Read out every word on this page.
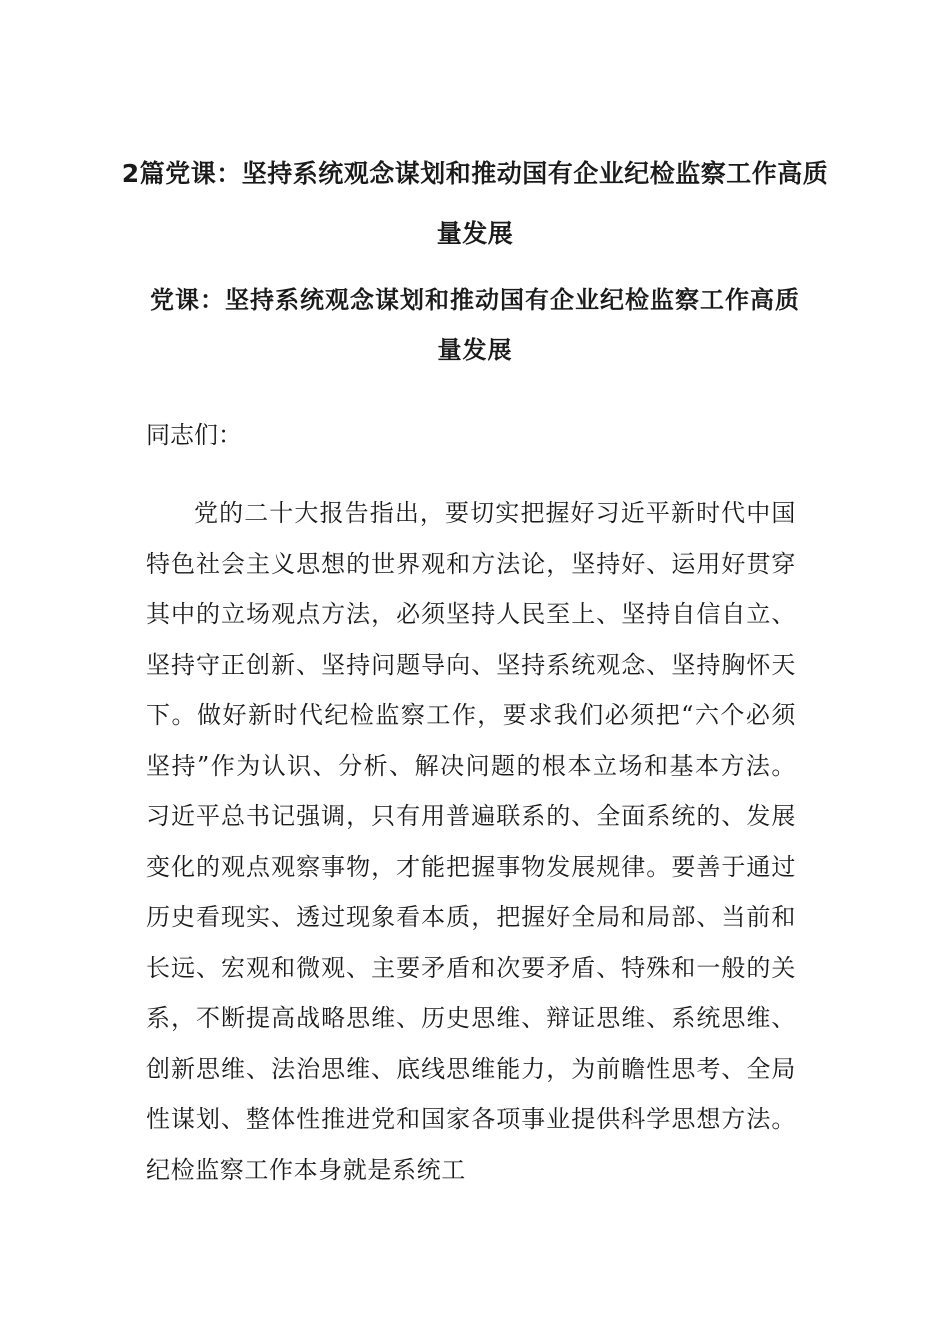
2篇党课：坚持系统观念谋划和推动国有企业纪检监察工作高质量发展
党课：坚持系统观念谋划和推动国有企业纪检监察工作高质量发展

同志们：

党的二十大报告指出，要切实把握好习近平新时代中国特色社会主义思想的世界观和方法论，坚持好、运用好贯穿其中的立场观点方法，必须坚持人民至上、坚持自信自立、坚持守正创新、坚持问题导向、坚持系统观念、坚持胸怀天下。做好新时代纪检监察工作，要求我们必须把“六个必须坚持”作为认识、分析、解决问题的根本立场和基本方法。习近平总书记强调，只有用普遍联系的、全面系统的、发展变化的观点观察事物，才能把握事物发展规律。要善于通过历史看现实、透过现象看本质，把握好全局和局部、当前和长远、宏观和微观、主要矛盾和次要矛盾、特殊和一般的关系，不断提高战略思维、历史思维、辩证思维、系统思维、创新思维、法治思维、底线思维能力，为前瞻性思考、全局性谋划、整体性推进党和国家各项事业提供科学思想方法。纪检监察工作本身就是系统工
